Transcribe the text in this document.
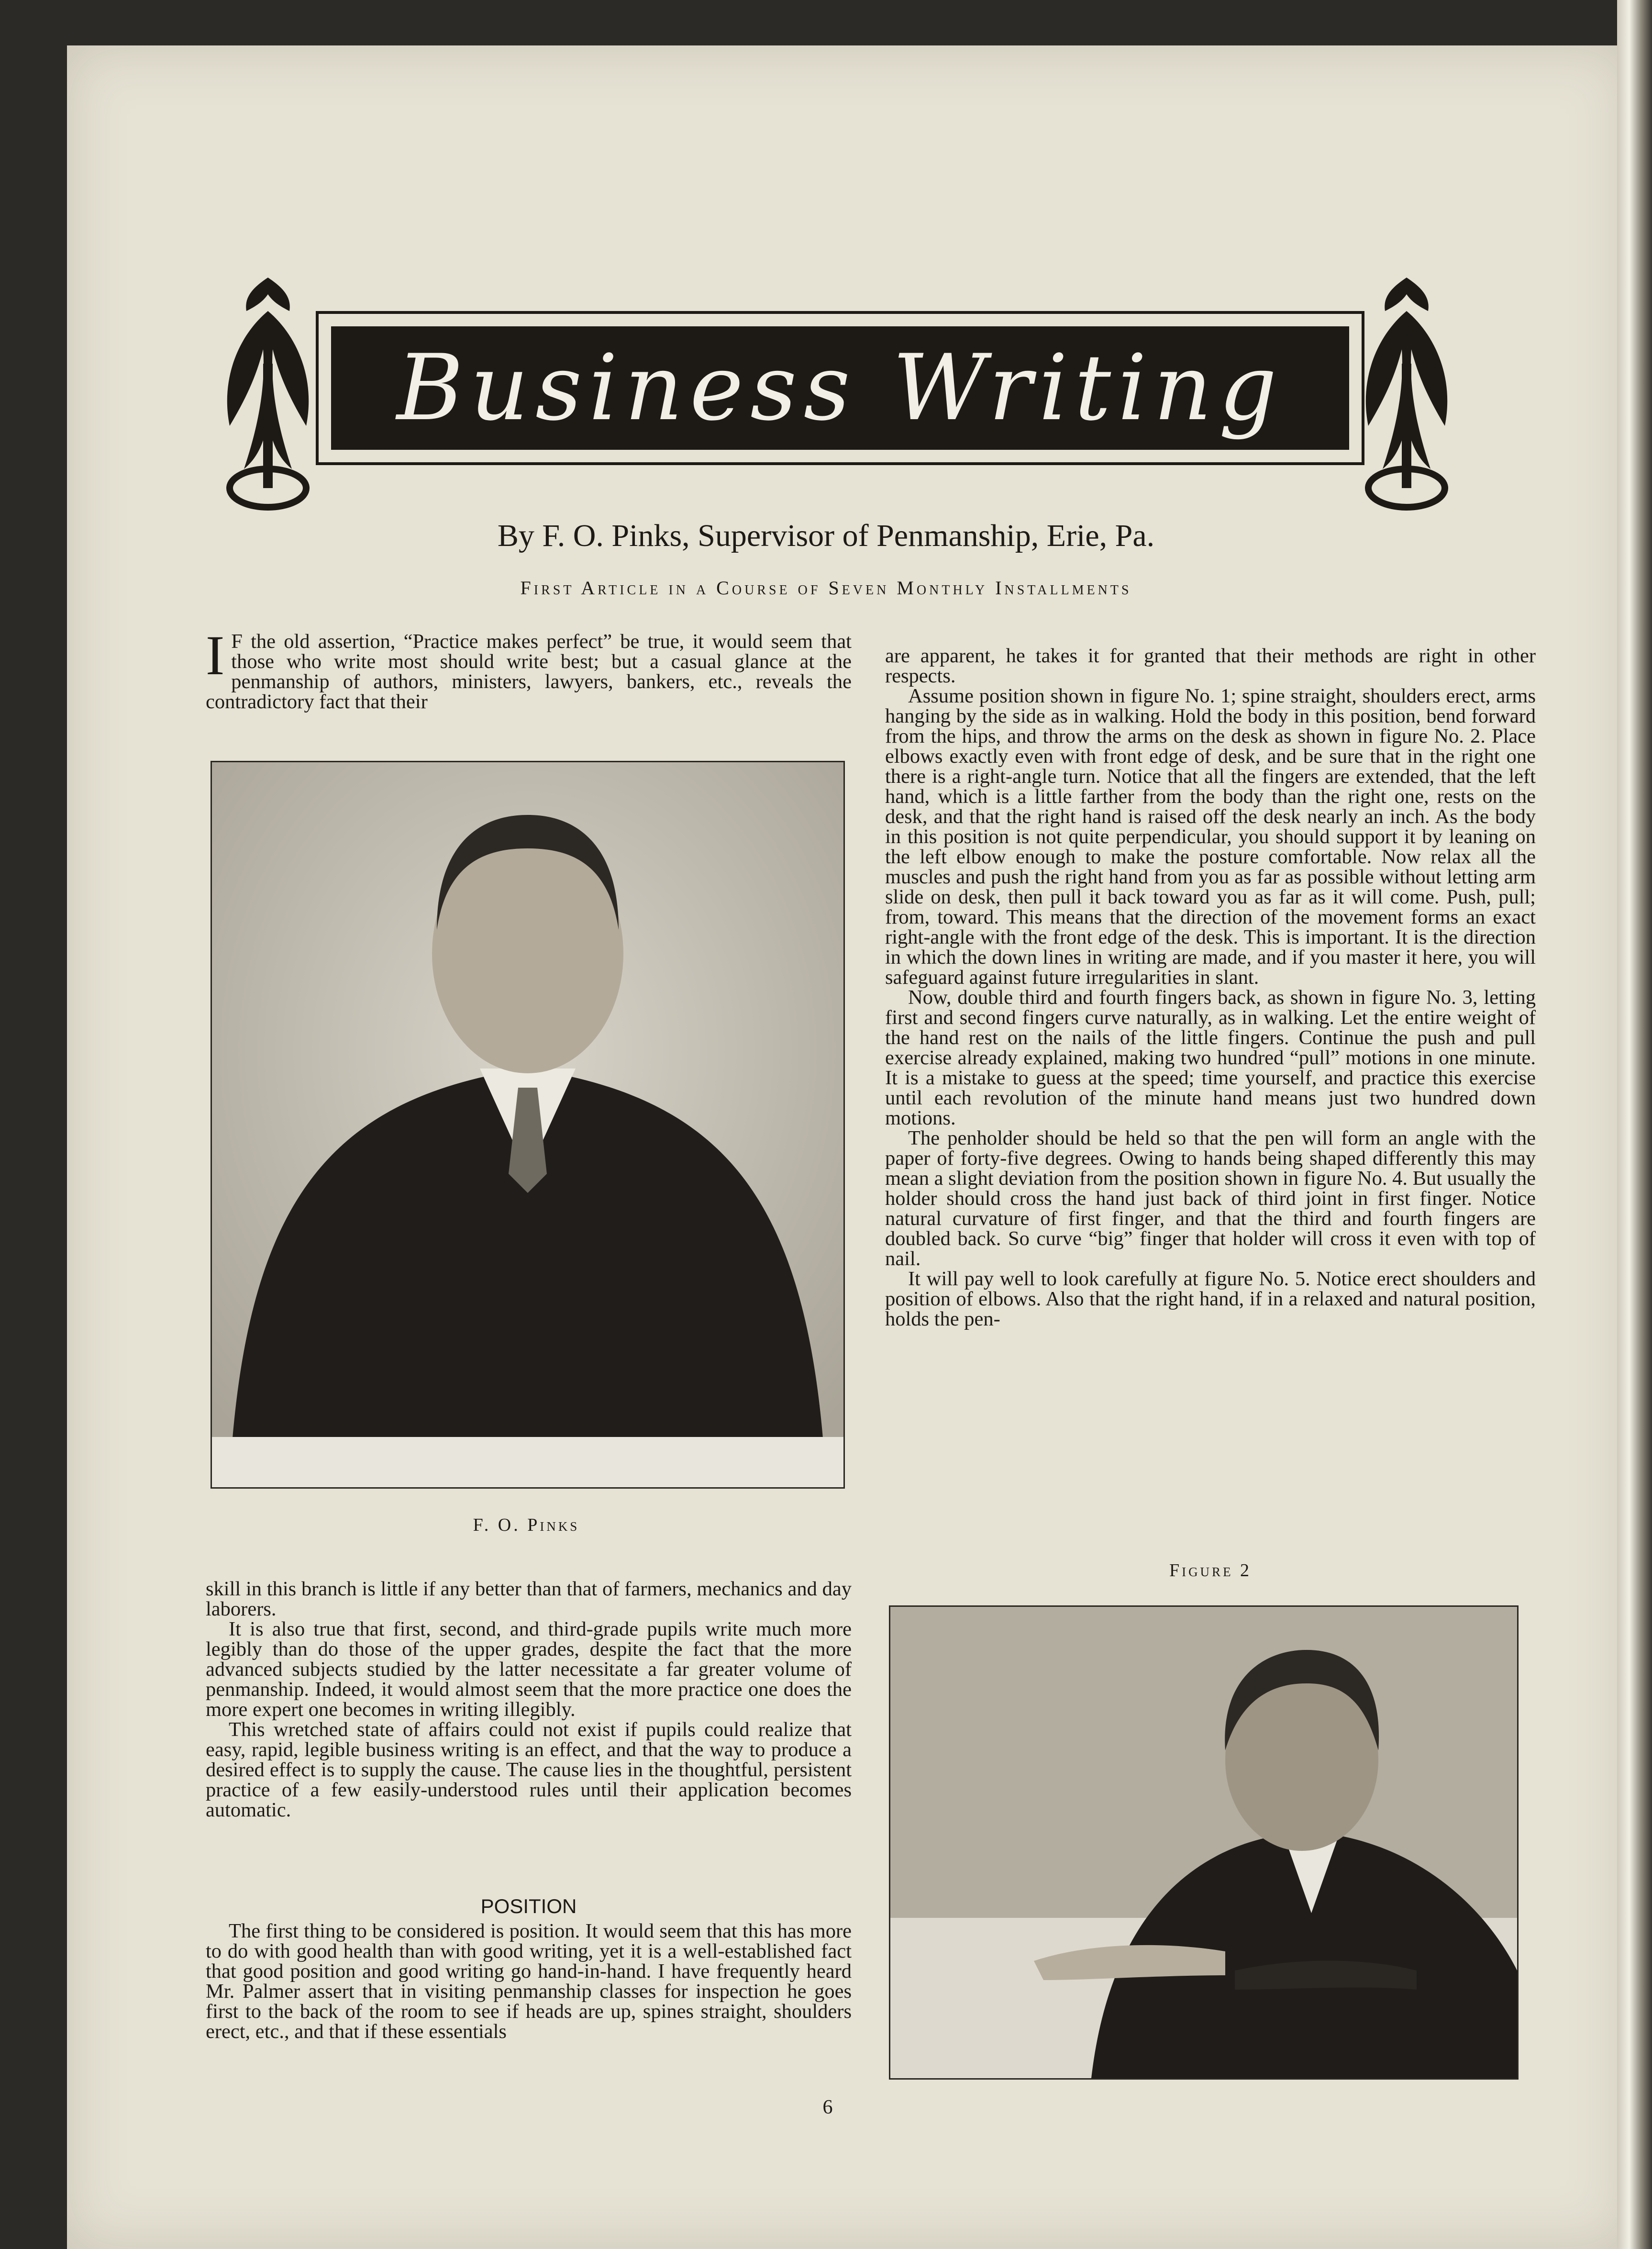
Business Writing
By F. O. Pinks, Supervisor of Penmanship, Erie, Pa.
First Article in a Course of Seven Monthly Installments

I F the old assertion, “Practice makes perfect” be true, it would seem that those who write most should write best; but a casual glance at the penmanship of authors, ministers, lawyers, bankers, etc., reveals the contradictory fact that their

F. O. Pinks

skill in this branch is little if any better than that of farmers, mechanics and day laborers.

It is also true that first, second, and third-grade pupils write much more legibly than do those of the upper grades, despite the fact that the more advanced subjects studied by the latter necessitate a far greater volume of penmanship. Indeed, it would almost seem that the more practice one does the more expert one becomes in writing illegibly.

This wretched state of affairs could not exist if pupils could realize that easy, rapid, legible business writing is an effect, and that the way to produce a desired effect is to supply the cause. The cause lies in the thoughtful, persistent practice of a few easily-understood rules until their application becomes automatic.

POSITION

The first thing to be considered is position. It would seem that this has more to do with good health than with good writing, yet it is a well-established fact that good position and good writing go hand-in-hand. I have frequently heard Mr. Palmer assert that in visiting penmanship classes for inspection he goes first to the back of the room to see if heads are up, spines straight, shoulders erect, etc., and that if these essentials

are apparent, he takes it for granted that their methods are right in other respects.

Assume position shown in figure No. 1; spine straight, shoulders erect, arms hanging by the side as in walking. Hold the body in this position, bend forward from the hips, and throw the arms on the desk as shown in figure No. 2. Place elbows exactly even with front edge of desk, and be sure that in the right one there is a right-angle turn. Notice that all the fingers are extended, that the left hand, which is a little farther from the body than the right one, rests on the desk, and that the right hand is raised off the desk nearly an inch. As the body in this position is not quite perpendicular, you should support it by leaning on the left elbow enough to make the posture comfortable. Now relax all the muscles and push the right hand from you as far as possible without letting arm slide on desk, then pull it back toward you as far as it will come. Push, pull; from, toward. This means that the direction of the movement forms an exact right-angle with the front edge of the desk. This is important. It is the direction in which the down lines in writing are made, and if you master it here, you will safeguard against future irregularities in slant.

Now, double third and fourth fingers back, as shown in figure No. 3, letting first and second fingers curve naturally, as in walking. Let the entire weight of the hand rest on the nails of the little fingers. Continue the push and pull exercise already explained, making two hundred “pull” motions in one minute. It is a mistake to guess at the speed; time yourself, and practice this exercise until each revolution of the minute hand means just two hundred down motions.

The penholder should be held so that the pen will form an angle with the paper of forty-five degrees. Owing to hands being shaped differently this may mean a slight deviation from the position shown in figure No. 4. But usually the holder should cross the hand just back of third joint in first finger. Notice natural curvature of first finger, and that the third and fourth fingers are doubled back. So curve “big” finger that holder will cross it even with top of nail.

It will pay well to look carefully at figure No. 5. Notice erect shoulders and position of elbows. Also that the right hand, if in a relaxed and natural position, holds the pen-

Figure 2
6
